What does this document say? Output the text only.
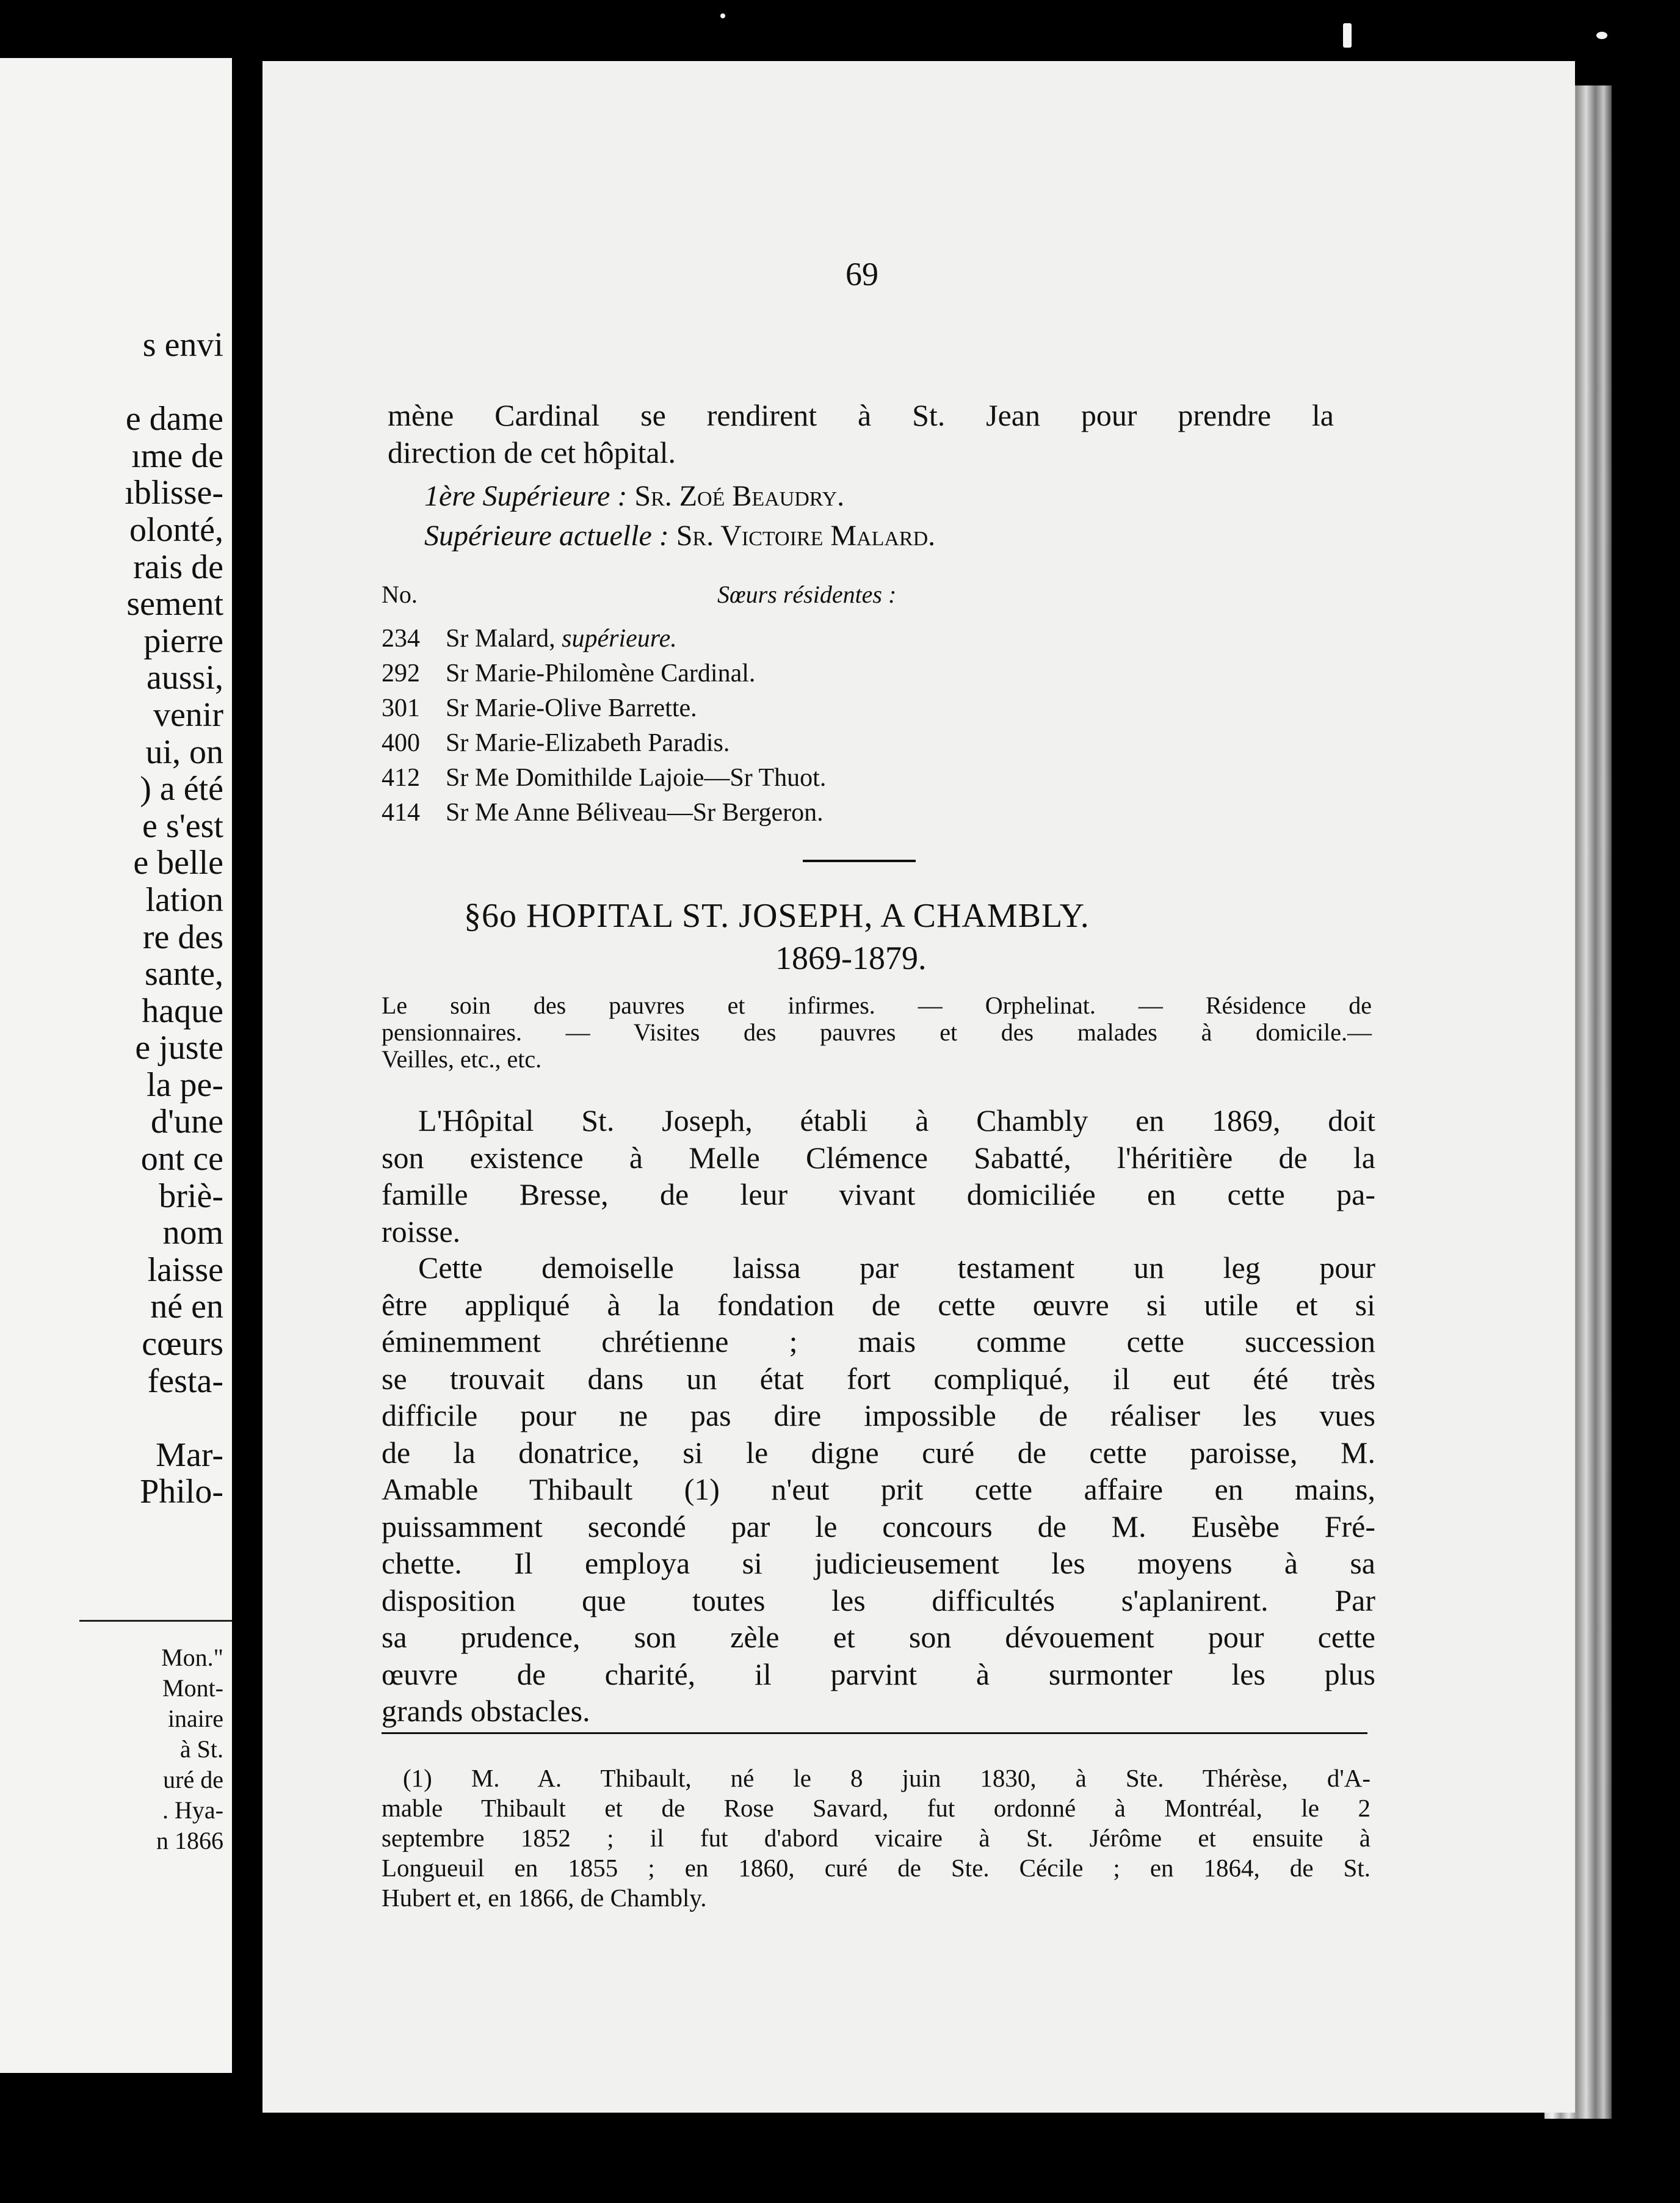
s envi
e dame
ıme de
ıblisse-
olonté,
rais de
sement
pierre
aussi,
venir
ui, on
) a été
e s'est
e belle
lation
re des
sante,
haque
e juste
la pe-
d'une
ont ce
briè-
nom
laisse
né en
cœurs
festa-
Mar-
Philo-
Mon."
Mont-
inaire
à St.
uré de
. Hya-
n 1866
69
mène Cardinal se rendirent à St. Jean pour prendre la
direction de cet hôpital.
1ère Supérieure : Sr. Zoé Beaudry.
Supérieure actuelle : Sr. Victoire Malard.
No.	Sœurs résidentes :
234 Sr Malard, supérieure.
292 Sr Marie-Philomène Cardinal.
301 Sr Marie-Olive Barrette.
400 Sr Marie-Elizabeth Paradis.
412 Sr Me Domithilde Lajoie—Sr Thuot.
414 Sr Me Anne Béliveau—Sr Bergeron.
§6o HOPITAL ST. JOSEPH, A CHAMBLY.
1869-1879.
Le soin des pauvres et infirmes. — Orphelinat. — Résidence de
pensionnaires. — Visites des pauvres et des malades à domicile.—
Veilles, etc., etc.
L'Hôpital St. Joseph, établi à Chambly en 1869, doit
son existence à Melle Clémence Sabatté, l'héritière de la
famille Bresse, de leur vivant domiciliée en cette pa-
roisse.
Cette demoiselle laissa par testament un leg pour
être appliqué à la fondation de cette œuvre si utile et si
éminemment chrétienne ; mais comme cette succession
se trouvait dans un état fort compliqué, il eut été très
difficile pour ne pas dire impossible de réaliser les vues
de la donatrice, si le digne curé de cette paroisse, M.
Amable Thibault (1) n'eut prit cette affaire en mains,
puissamment secondé par le concours de M. Eusèbe Fré-
chette. Il employa si judicieusement les moyens à sa
disposition que toutes les difficultés s'aplanirent. Par
sa prudence, son zèle et son dévouement pour cette
œuvre de charité, il parvint à surmonter les plus
grands obstacles.
(1) M. A. Thibault, né le 8 juin 1830, à Ste. Thérèse, d'A-
mable Thibault et de Rose Savard, fut ordonné à Montréal, le 2
septembre 1852 ; il fut d'abord vicaire à St. Jérôme et ensuite à
Longueuil en 1855 ; en 1860, curé de Ste. Cécile ; en 1864, de St.
Hubert et, en 1866, de Chambly.
